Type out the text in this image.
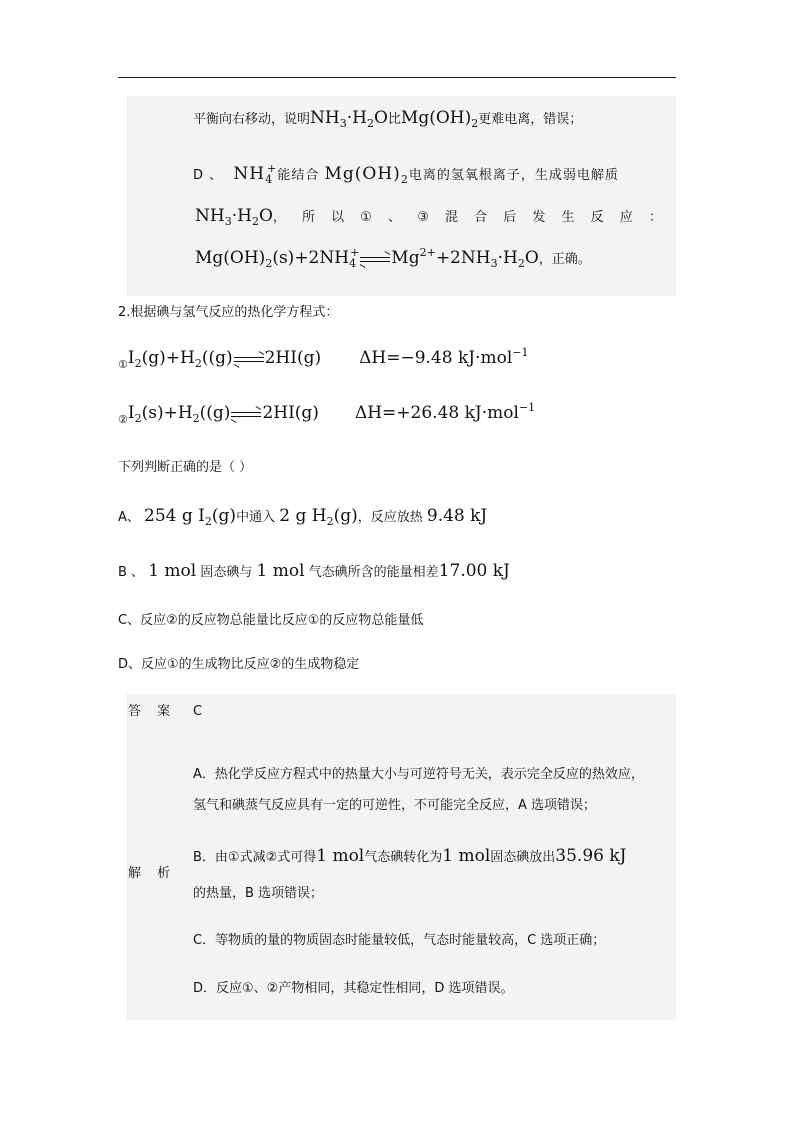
平衡向右移动，说明$NH_3\cdot H_2O$比$Mg(OH)_2$更难电离，错误；
D 、 $NH_4^+$能结合 $Mg(OH)_2$电离的氢氧根离子，生成弱电解质
$NH_3\cdot H_2O$， 所 以 ① 、 ③ 混 合 后 发 生 反 应 ：
$Mg(OH)_2(s)+2NH_4^+$ $Mg^{2+}+2NH_3\cdot H_2O$，正确。
2.根据碘与氢气反应的热化学方程式：
$_①I_2(g)+H_2((g)$ 2HI(g) ΔH=−9.48 kJ·mol$^{-1}$
$_②I_2(s)+H_2((g)$ 2HI(g) ΔH=+26.48 kJ·mol$^{-1}$
下列判断正确的是（ ）
A、 254 g $I_2(g)$中通入 2 g $H_2(g)$，反应放热 9.48 kJ
B 、 1 mol 固态碘与 1 mol 气态碘所含的能量相差17.00 kJ
C、反应②的反应物总能量比反应①的反应物总能量低
D、反应①的生成物比反应②的生成物稳定
答 案 C
解 析
A．热化学反应方程式中的热量大小与可逆符号无关，表示完全反应的热效应，
氢气和碘蒸气反应具有一定的可逆性，不可能完全反应，A 选项错误；
B．由①式减②式可得1 mol气态碘转化为1 mol固态碘放出35.96 kJ
的热量，B 选项错误；
C．等物质的量的物质固态时能量较低，气态时能量较高，C 选项正确；
D．反应①、②产物相同，其稳定性相同，D 选项错误。
